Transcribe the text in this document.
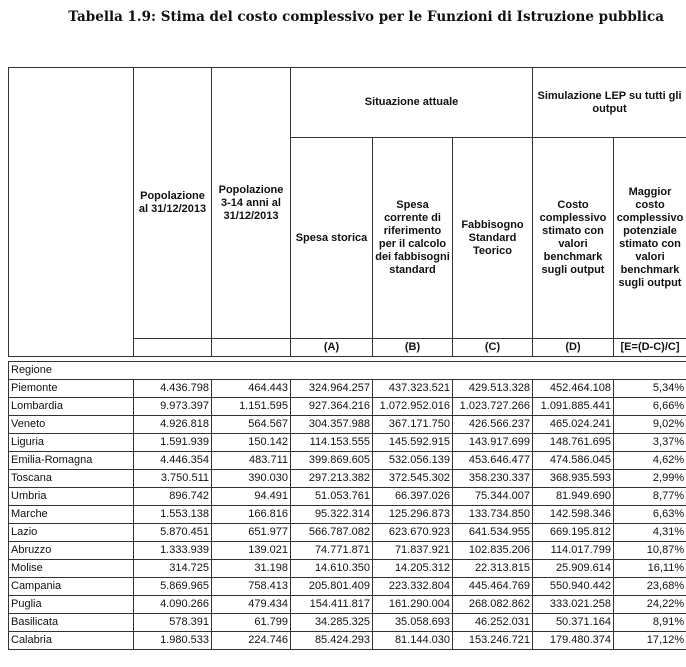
Tabella 1.9: Stima del costo complessivo per le Funzioni di Istruzione pubblica
	Popolazione al 31/12/2013	Popolazione 3-14 anni al 31/12/2013	Situazione attuale			Simulazione LEP su tutti gli output	
			Spesa storica	Spesa corrente di riferimento per il calcolo dei fabbisogni standard	Fabbisogno Standard Teorico	Costo complessivo stimato con valori benchmark sugli output	Maggior costo complessivo potenziale stimato con valori benchmark sugli output
			(A)	(B)	(C)	(D)	[E=(D-C)/C]
Regione							
Piemonte	4.436.798	464.443	324.964.257	437.323.521	429.513.328	452.464.108	5,34%
Lombardia	9.973.397	1.151.595	927.364.216	1.072.952.016	1.023.727.266	1.091.885.441	6,66%
Veneto	4.926.818	564.567	304.357.988	367.171.750	426.566.237	465.024.241	9,02%
Liguria	1.591.939	150.142	114.153.555	145.592.915	143.917.699	148.761.695	3,37%
Emilia-Romagna	4.446.354	483.711	399.869.605	532.056.139	453.646.477	474.586.045	4,62%
Toscana	3.750.511	390.030	297.213.382	372.545.302	358.230.337	368.935.593	2,99%
Umbria	896.742	94.491	51.053.761	66.397.026	75.344.007	81.949.690	8,77%
Marche	1.553.138	166.816	95.322.314	125.296.873	133.734.850	142.598.346	6,63%
Lazio	5.870.451	651.977	566.787.082	623.670.923	641.534.955	669.195.812	4,31%
Abruzzo	1.333.939	139.021	74.771.871	71.837.921	102.835.206	114.017.799	10,87%
Molise	314.725	31.198	14.610.350	14.205.312	22.313.815	25.909.614	16,11%
Campania	5.869.965	758.413	205.801.409	223.332.804	445.464.769	550.940.442	23,68%
Puglia	4.090.266	479.434	154.411.817	161.290.004	268.082.862	333.021.258	24,22%
Basilicata	578.391	61.799	34.285.325	35.058.693	46.252.031	50.371.164	8,91%
Calabria	1.980.533	224.746	85.424.293	81.144.030	153.246.721	179.480.374	17,12%
